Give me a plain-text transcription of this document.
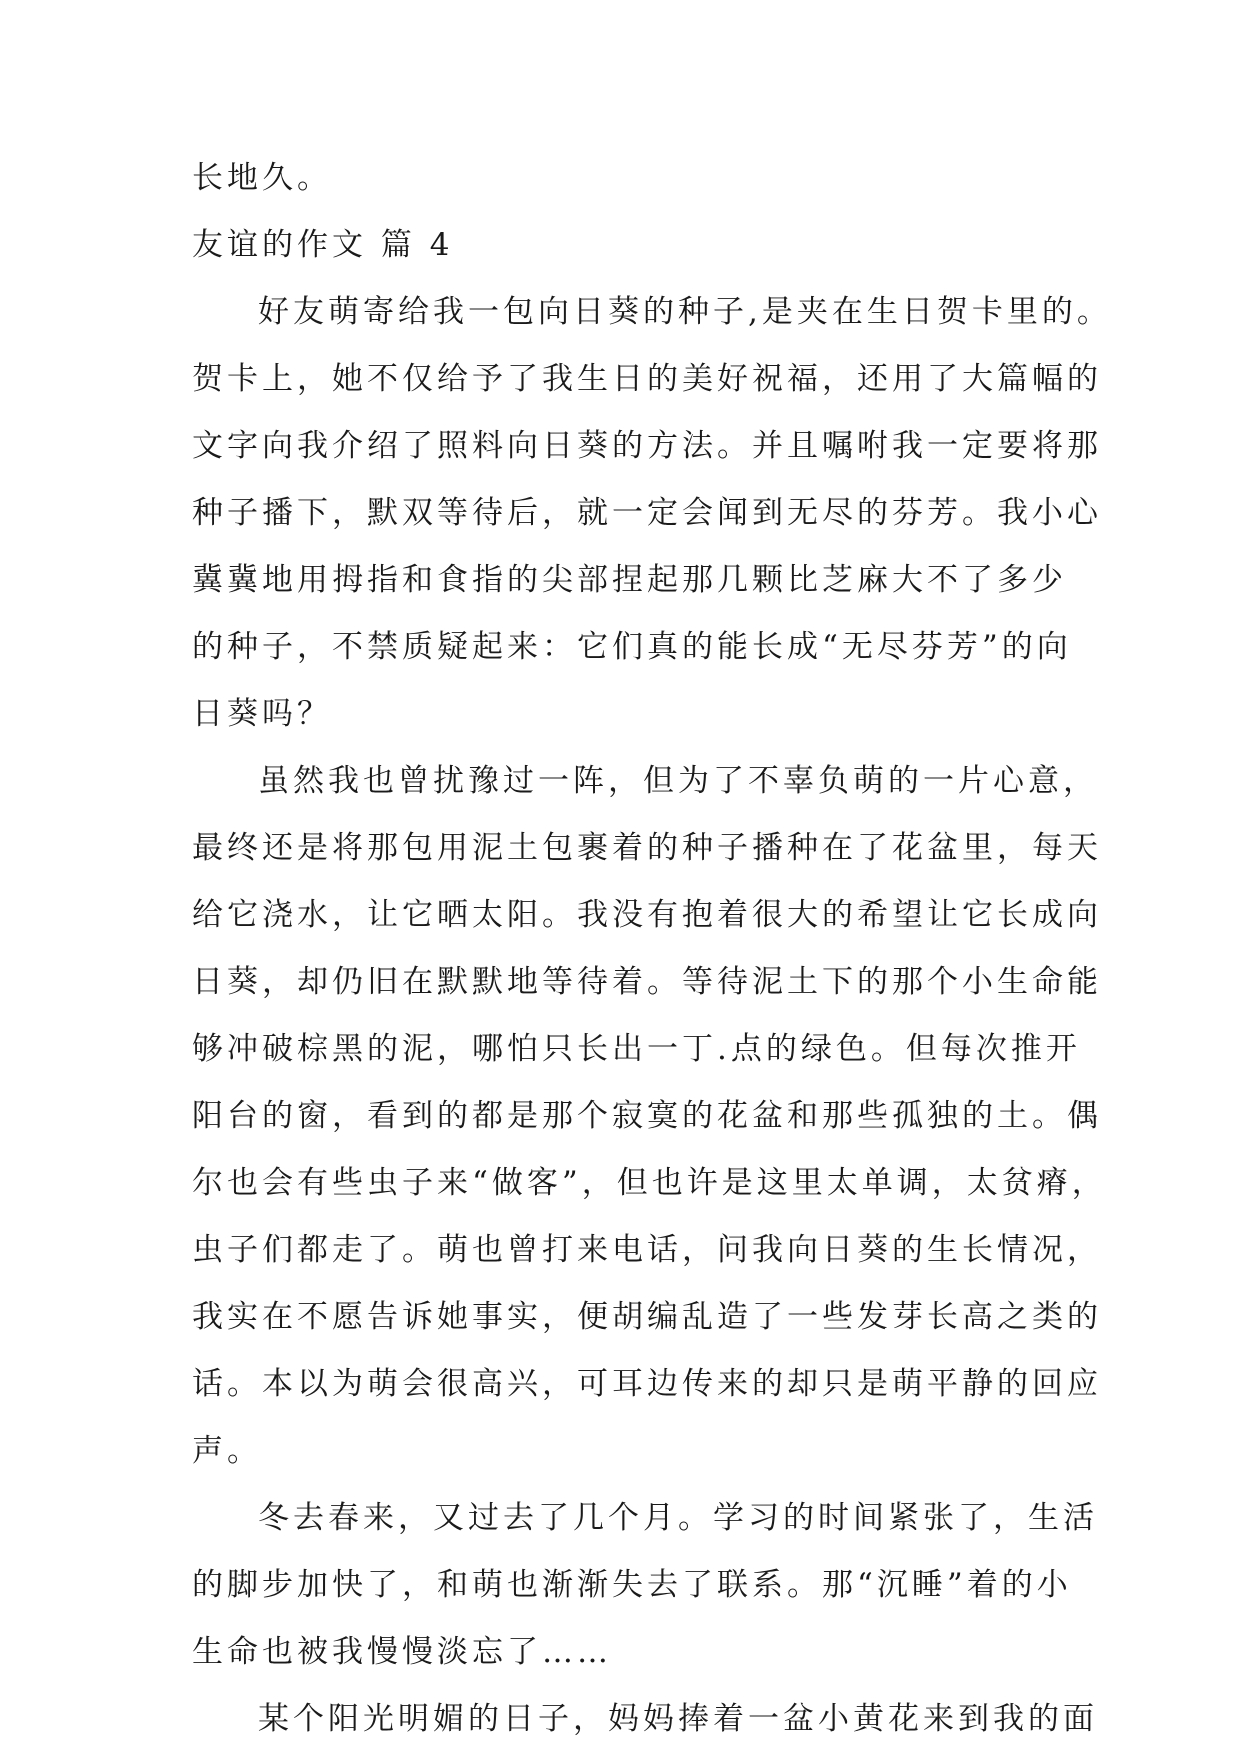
长地久。
友谊的作文 篇 4
好友萌寄给我一包向日葵的种子,是夹在生日贺卡里的。
贺卡上，她不仅给予了我生日的美好祝福，还用了大篇幅的
文字向我介绍了照料向日葵的方法。并且嘱咐我一定要将那
种子播下，默双等待后，就一定会闻到无尽的芬芳。我小心
冀冀地用拇指和食指的尖部捏起那几颗比芝麻大不了多少
的种子，不禁质疑起来：它们真的能长成“无尽芬芳”的向
日葵吗？
虽然我也曾扰豫过一阵，但为了不辜负萌的一片心意，
最终还是将那包用泥土包裹着的种子播种在了花盆里，每天
给它浇水，让它晒太阳。我没有抱着很大的希望让它长成向
日葵，却仍旧在默默地等待着。等待泥土下的那个小生命能
够冲破棕黑的泥，哪怕只长出一丁.点的绿色。但每次推开
阳台的窗，看到的都是那个寂寞的花盆和那些孤独的土。偶
尔也会有些虫子来“做客”，但也许是这里太单调，太贫瘠，
虫子们都走了。萌也曾打来电话，问我向日葵的生长情况，
我实在不愿告诉她事实，便胡编乱造了一些发芽长高之类的
话。本以为萌会很高兴，可耳边传来的却只是萌平静的回应
声。
冬去春来，又过去了几个月。学习的时间紧张了，生活
的脚步加快了，和萌也渐渐失去了联系。那“沉睡”着的小
生命也被我慢慢淡忘了……
某个阳光明媚的日子，妈妈捧着一盆小黄花来到我的面
